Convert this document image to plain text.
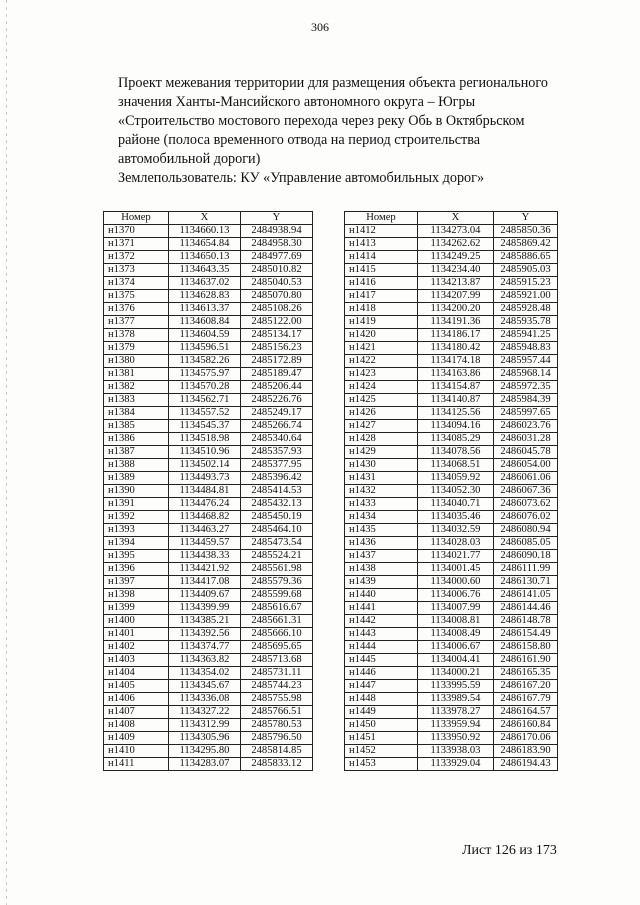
306
Проект межевания территории для размещения объекта регионального
значения Ханты-Мансийского автономного округа – Югры
«Строительство мостового перехода через реку Обь в Октябрьском
районе (полоса временного отвода на период строительства
автомобильной дороги)
Землепользователь: КУ «Управление автомобильных дорог»
Номер	X	Y
н1370	1134660.13	2484938.94
н1371	1134654.84	2484958.30
н1372	1134650.13	2484977.69
н1373	1134643.35	2485010.82
н1374	1134637.02	2485040.53
н1375	1134628.83	2485070.80
н1376	1134613.37	2485108.26
н1377	1134608.84	2485122.00
н1378	1134604.59	2485134.17
н1379	1134596.51	2485156.23
н1380	1134582.26	2485172.89
н1381	1134575.97	2485189.47
н1382	1134570.28	2485206.44
н1383	1134562.71	2485226.76
н1384	1134557.52	2485249.17
н1385	1134545.37	2485266.74
н1386	1134518.98	2485340.64
н1387	1134510.96	2485357.93
н1388	1134502.14	2485377.95
н1389	1134493.73	2485396.42
н1390	1134484.81	2485414.53
н1391	1134476.24	2485432.13
н1392	1134468.82	2485450.19
н1393	1134463.27	2485464.10
н1394	1134459.57	2485473.54
н1395	1134438.33	2485524.21
н1396	1134421.92	2485561.98
н1397	1134417.08	2485579.36
н1398	1134409.67	2485599.68
н1399	1134399.99	2485616.67
н1400	1134385.21	2485661.31
н1401	1134392.56	2485666.10
н1402	1134374.77	2485695.65
н1403	1134363.82	2485713.68
н1404	1134354.02	2485731.11
н1405	1134345.67	2485744.23
н1406	1134336.08	2485755.98
н1407	1134327.22	2485766.51
н1408	1134312.99	2485780.53
н1409	1134305.96	2485796.50
н1410	1134295.80	2485814.85
н1411	1134283.07	2485833.12
Номер	X	Y
н1412	1134273.04	2485850.36
н1413	1134262.62	2485869.42
н1414	1134249.25	2485886.65
н1415	1134234.40	2485905.03
н1416	1134213.87	2485915.23
н1417	1134207.99	2485921.00
н1418	1134200.20	2485928.48
н1419	1134191.36	2485935.78
н1420	1134186.17	2485941.25
н1421	1134180.42	2485948.83
н1422	1134174.18	2485957.44
н1423	1134163.86	2485968.14
н1424	1134154.87	2485972.35
н1425	1134140.87	2485984.39
н1426	1134125.56	2485997.65
н1427	1134094.16	2486023.76
н1428	1134085.29	2486031.28
н1429	1134078.56	2486045.78
н1430	1134068.51	2486054.00
н1431	1134059.92	2486061.06
н1432	1134052.30	2486067.36
н1433	1134040.71	2486073.62
н1434	1134035.46	2486076.02
н1435	1134032.59	2486080.94
н1436	1134028.03	2486085.05
н1437	1134021.77	2486090.18
н1438	1134001.45	2486111.99
н1439	1134000.60	2486130.71
н1440	1134006.76	2486141.05
н1441	1134007.99	2486144.46
н1442	1134008.81	2486148.78
н1443	1134008.49	2486154.49
н1444	1134006.67	2486158.80
н1445	1134004.41	2486161.90
н1446	1134000.21	2486165.35
н1447	1133995.59	2486167.20
н1448	1133989.54	2486167.79
н1449	1133978.27	2486164.57
н1450	1133959.94	2486160.84
н1451	1133950.92	2486170.06
н1452	1133938.03	2486183.90
н1453	1133929.04	2486194.43
Лист 126 из 173
